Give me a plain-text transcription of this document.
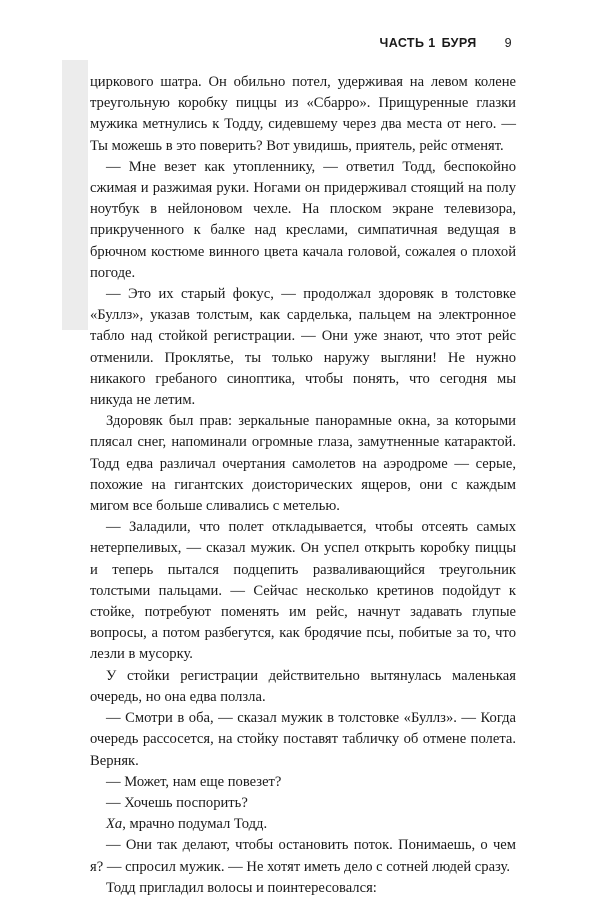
ЧАСТЬ 1 БУРЯ 9

циркового шатра. Он обильно потел, удерживая на левом колене треугольную коробку пиццы из «Сбарро». Прищуренные глазки мужика метнулись к Тодду, сидевшему через два места от него. — Ты можешь в это поверить? Вот увидишь, приятель, рейс отменят.

— Мне везет как утопленнику, — ответил Тодд, беспокойно сжимая и разжимая руки. Ногами он придерживал стоящий на полу ноутбук в нейлоновом чехле. На плоском экране телевизора, прикрученного к балке над креслами, симпатичная ведущая в брючном костюме винного цвета качала головой, сожалея о плохой погоде.

— Это их старый фокус, — продолжал здоровяк в толстовке «Буллз», указав толстым, как сарделька, пальцем на электронное табло над стойкой регистрации. — Они уже знают, что этот рейс отменили. Проклятье, ты только наружу выгляни! Не нужно никакого гребаного синоптика, чтобы понять, что сегодня мы никуда не летим.

Здоровяк был прав: зеркальные панорамные окна, за которыми плясал снег, напоминали огромные глаза, замутненные катарактой. Тодд едва различал очертания самолетов на аэродроме — серые, похожие на гигантских доисторических ящеров, они с каждым мигом все больше сливались с метелью.

— Заладили, что полет откладывается, чтобы отсеять самых нетерпеливых, — сказал мужик. Он успел открыть коробку пиццы и теперь пытался подцепить разваливающийся треугольник толстыми пальцами. — Сейчас несколько кретинов подойдут к стойке, потребуют поменять им рейс, начнут задавать глупые вопросы, а потом разбегутся, как бродячие псы, побитые за то, что лезли в мусорку.

У стойки регистрации действительно вытянулась маленькая очередь, но она едва ползла.

— Смотри в оба, — сказал мужик в толстовке «Буллз». — Когда очередь рассосется, на стойку поставят табличку об отмене полета. Верняк.

— Может, нам еще повезет?

— Хочешь поспорить?

Ха, мрачно подумал Тодд.

— Они так делают, чтобы остановить поток. Понимаешь, о чем я? — спросил мужик. — Не хотят иметь дело с сотней людей сразу.

Тодд пригладил волосы и поинтересовался:
